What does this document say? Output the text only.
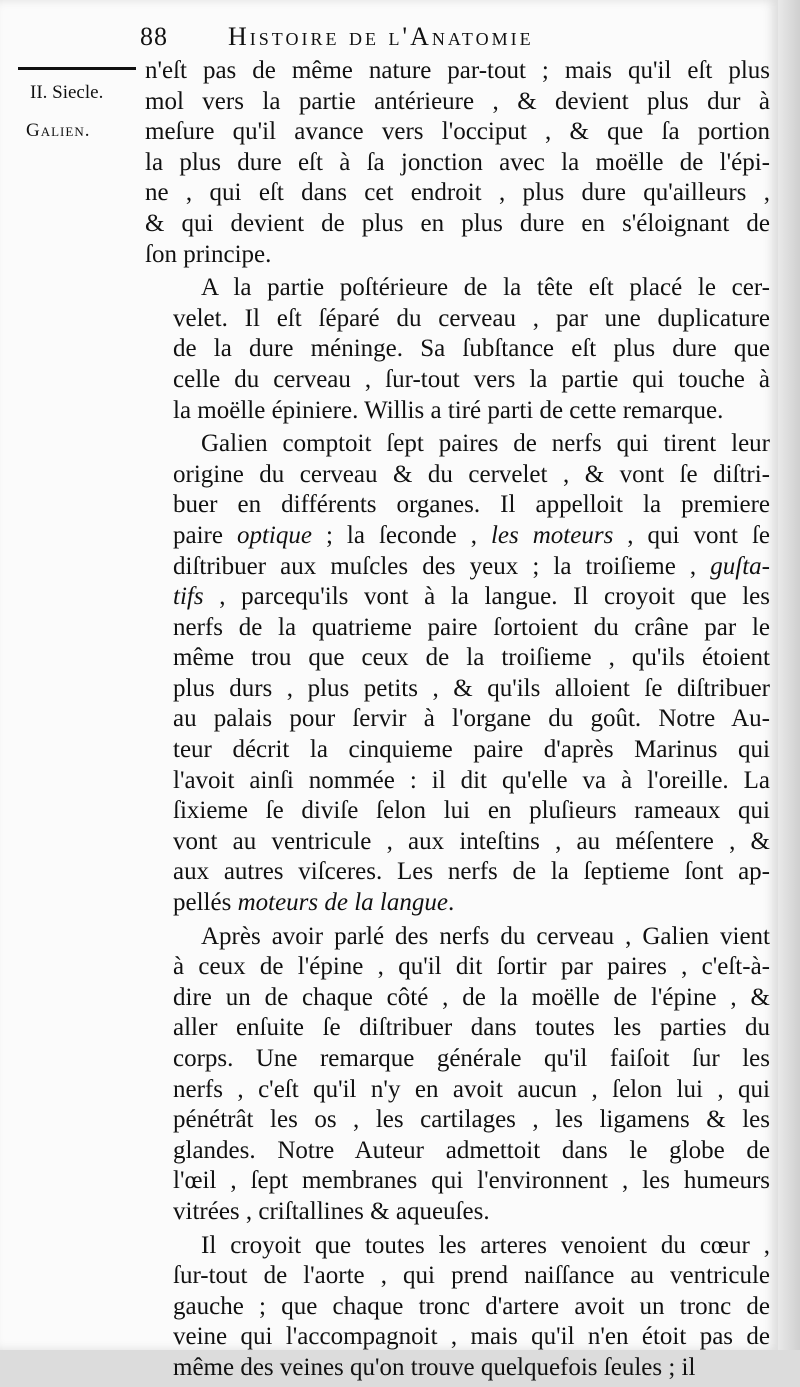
88 Histoire de l'Anatomie
II. Siecle.
Galien.
n'eſt pas de même nature par-tout ; mais qu'il eſt plus
mol vers la partie antérieure , & devient plus dur à
meſure qu'il avance vers l'occiput , & que ſa portion
la plus dure eſt à ſa jonction avec la moëlle de l'épi-
ne , qui eſt dans cet endroit , plus dure qu'ailleurs ,
& qui devient de plus en plus dure en s'éloignant de
ſon principe.
A la partie poſtérieure de la tête eſt placé le cer-
velet. Il eſt ſéparé du cerveau , par une duplicature
de la dure méninge. Sa ſubſtance eſt plus dure que
celle du cerveau , ſur-tout vers la partie qui touche à
la moëlle épiniere. Willis a tiré parti de cette remarque.
Galien comptoit ſept paires de nerfs qui tirent leur
origine du cerveau & du cervelet , & vont ſe diſtri-
buer en différents organes. Il appelloit la premiere
paire optique ; la ſeconde , les moteurs , qui vont ſe
diſtribuer aux muſcles des yeux ; la troiſieme , guſta-
tifs , parcequ'ils vont à la langue. Il croyoit que les
nerfs de la quatrieme paire ſortoient du crâne par le
même trou que ceux de la troiſieme , qu'ils étoient
plus durs , plus petits , & qu'ils alloient ſe diſtribuer
au palais pour ſervir à l'organe du goût. Notre Au-
teur décrit la cinquieme paire d'après Marinus qui
l'avoit ainſi nommée : il dit qu'elle va à l'oreille. La
ſixieme ſe diviſe ſelon lui en pluſieurs rameaux qui
vont au ventricule , aux inteſtins , au méſentere , &
aux autres viſceres. Les nerfs de la ſeptieme ſont ap-
pellés moteurs de la langue.
Après avoir parlé des nerfs du cerveau , Galien vient
à ceux de l'épine , qu'il dit ſortir par paires , c'eſt-à-
dire un de chaque côté , de la moëlle de l'épine , &
aller enſuite ſe diſtribuer dans toutes les parties du
corps. Une remarque générale qu'il faiſoit ſur les
nerfs , c'eſt qu'il n'y en avoit aucun , ſelon lui , qui
pénétrât les os , les cartilages , les ligamens & les
glandes. Notre Auteur admettoit dans le globe de
l'œil , ſept membranes qui l'environnent , les humeurs
vitrées , criſtallines & aqueuſes.
Il croyoit que toutes les arteres venoient du cœur ,
ſur-tout de l'aorte , qui prend naiſſance au ventricule
gauche ; que chaque tronc d'artere avoit un tronc de
veine qui l'accompagnoit , mais qu'il n'en étoit pas de
même des veines qu'on trouve quelquefois ſeules ; il
